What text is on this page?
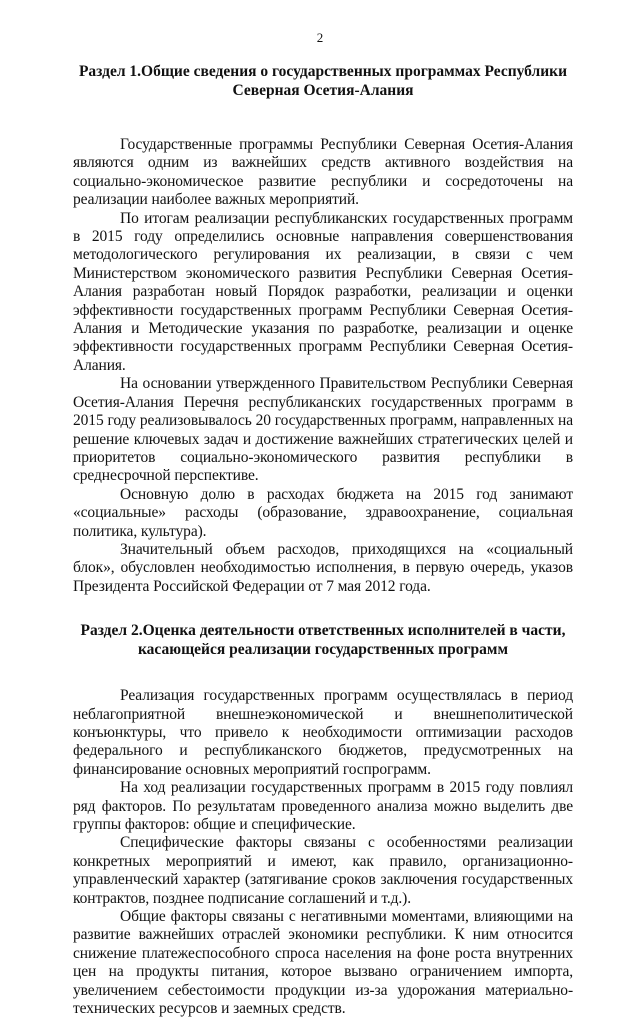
2
Раздел 1.Общие сведения о государственных программах Республики
Северная Осетия-Алания

Государственные программы Республики Северная Осетия-Алания являются одним из важнейших средств активного воздействия на социально-экономическое развитие республики и сосредоточены на реализации наиболее важных мероприятий.

По итогам реализации республиканских государственных программ в 2015 году определились основные направления совершенствования методологического регулирования их реализации, в связи с чем Министерством экономического развития Республики Северная Осетия-Алания разработан новый Порядок разработки, реализации и оценки эффективности государственных программ Республики Северная Осетия-Алания и Методические указания по разработке, реализации и оценке эффективности государственных программ Республики Северная Осетия-Алания.

На основании утвержденного Правительством Республики Северная Осетия-Алания Перечня республиканских государственных программ в 2015 году реализовывалось 20 государственных программ, направленных на решение ключевых задач и достижение важнейших стратегических целей и приоритетов социально-экономического развития республики в среднесрочной перспективе.

Основную долю в расходах бюджета на 2015 год занимают «социальные» расходы (образование, здравоохранение, социальная политика, культура).

Значительный объем расходов, приходящихся на «социальный блок», обусловлен необходимостью исполнения, в первую очередь, указов Президента Российской Федерации от 7 мая 2012 года.

Раздел 2.Оценка деятельности ответственных исполнителей в части,
касающейся реализации государственных программ

Реализация государственных программ осуществлялась в период неблагоприятной внешнеэкономической и внешнеполитической конъюнктуры, что привело к необходимости оптимизации расходов федерального и республиканского бюджетов, предусмотренных на финансирование основных мероприятий госпрограмм.

На ход реализации государственных программ в 2015 году повлиял ряд факторов. По результатам проведенного анализа можно выделить две группы факторов: общие и специфические.

Специфические факторы связаны с особенностями реализации конкретных мероприятий и имеют, как правило, организационно-управленческий характер (затягивание сроков заключения государственных контрактов, позднее подписание соглашений и т.д.).

Общие факторы связаны с негативными моментами, влияющими на развитие важнейших отраслей экономики республики. К ним относится снижение платежеспособного спроса населения на фоне роста внутренних цен на продукты питания, которое вызвано ограничением импорта, увеличением себестоимости продукции из-за удорожания материально-технических ресурсов и заемных средств.
